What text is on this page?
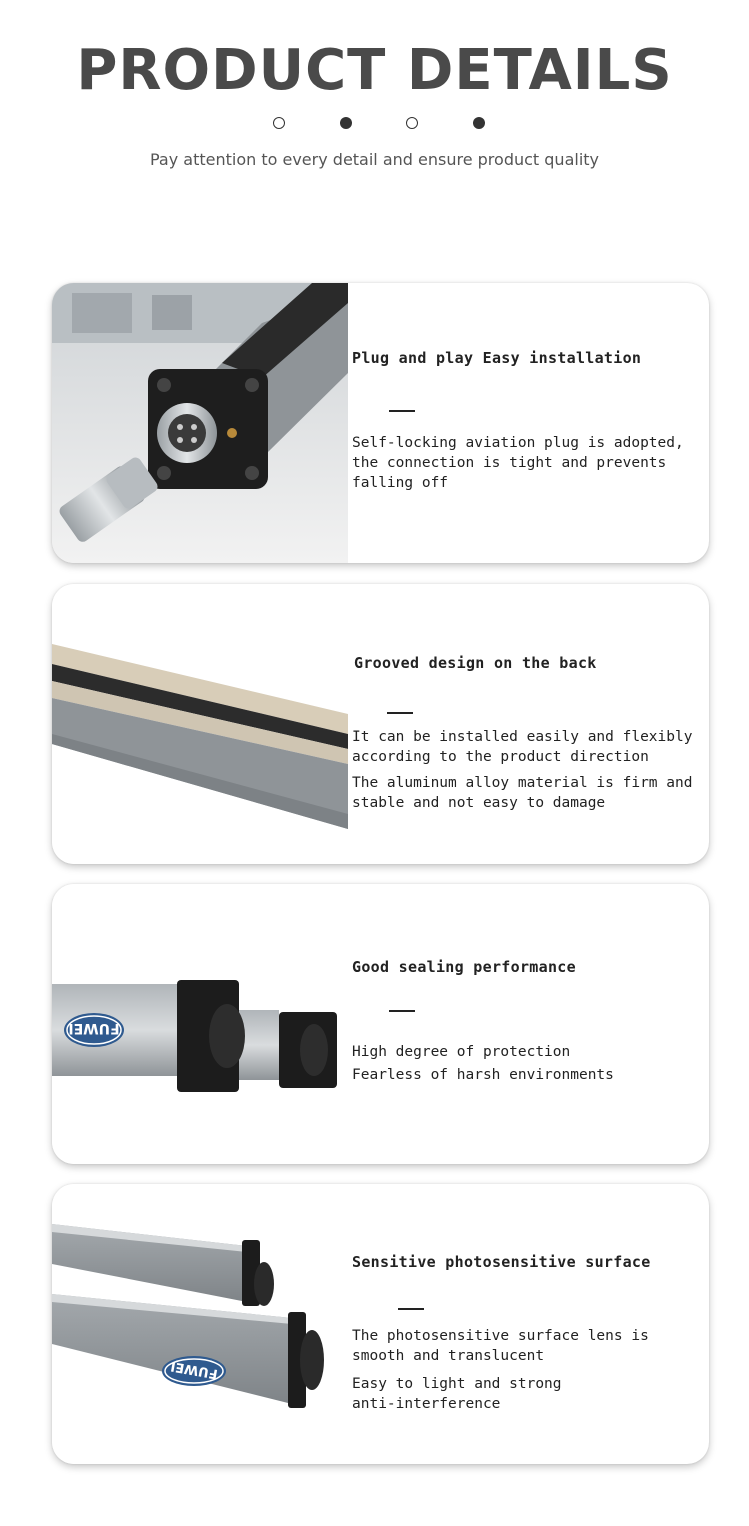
PRODUCT DETAILS
Pay attention to every detail and ensure product quality
Plug and play Easy installation
Self-locking aviation plug is adopted,
the connection is tight and prevents
falling off
Grooved design on the back
It can be installed easily and flexibly
according to the product direction
The aluminum alloy material is firm and
stable and not easy to damage
FUWEI
Good sealing performance
High degree of protection
Fearless of harsh environments
FUWEI
Sensitive photosensitive surface
The photosensitive surface lens is
smooth and translucent
Easy to light and strong
anti-interference
